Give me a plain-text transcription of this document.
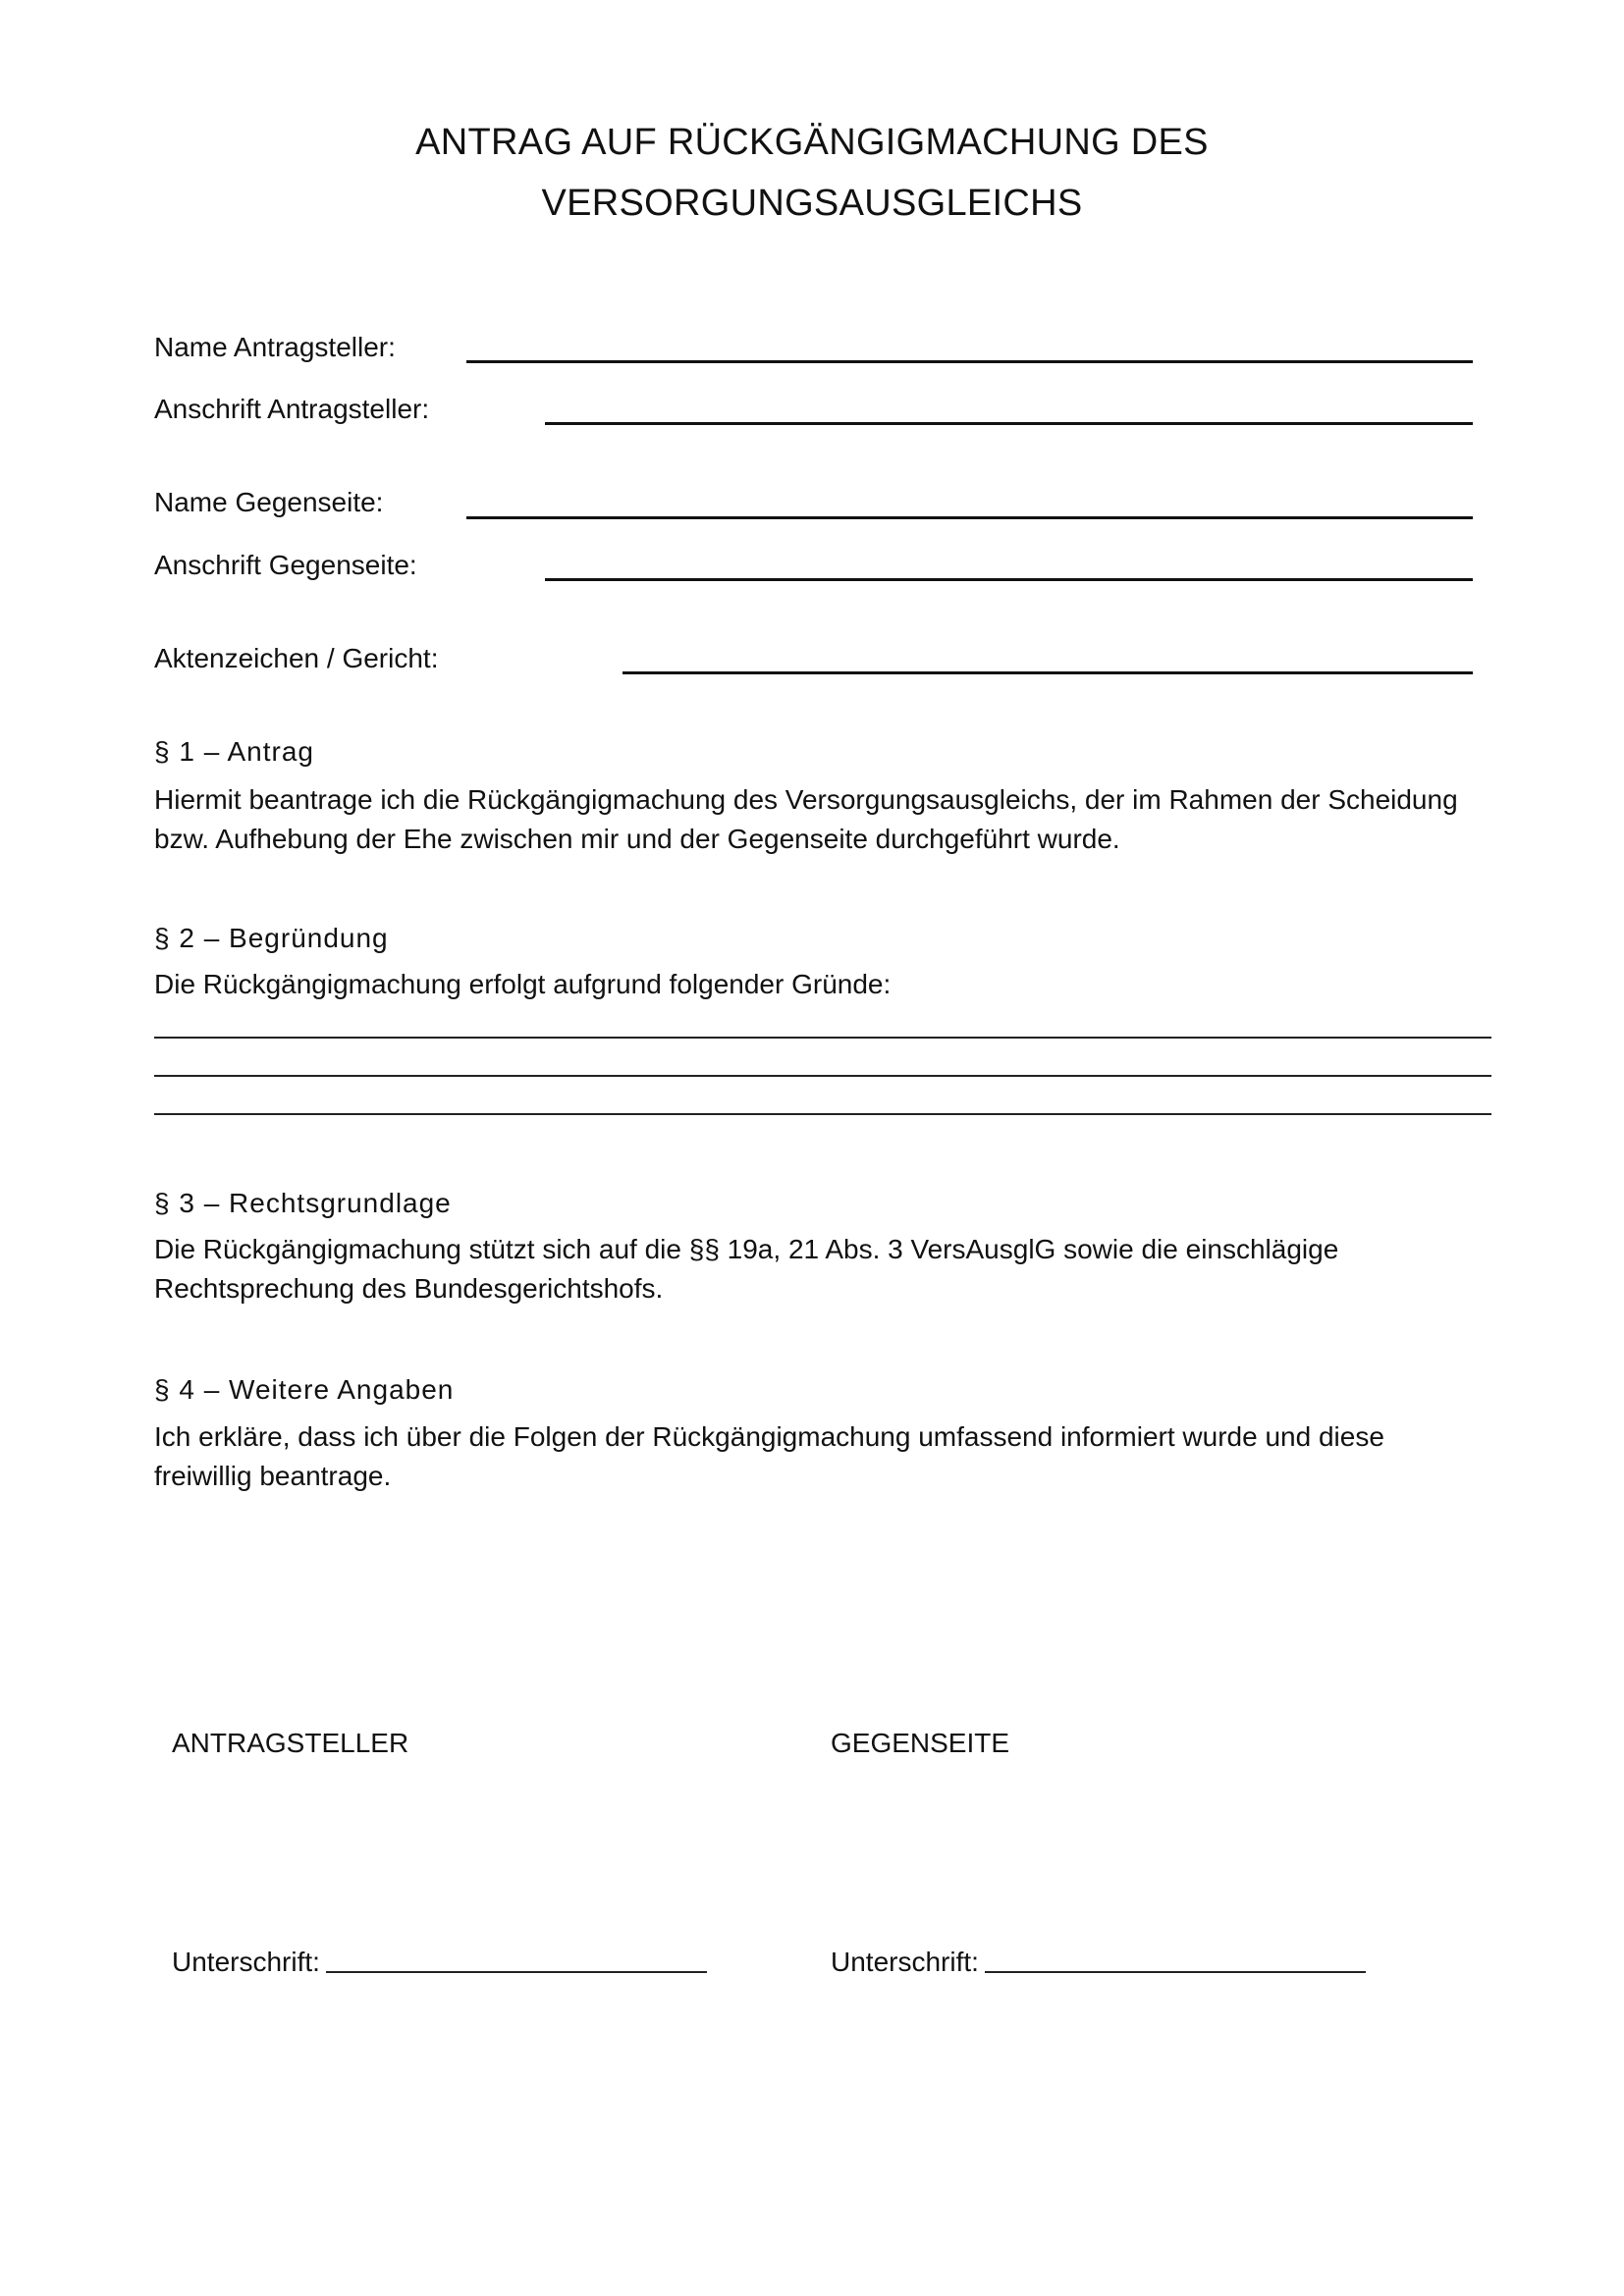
ANTRAG AUF RÜCKGÄNGIGMACHUNG DES
VERSORGUNGSAUSGLEICHS
Name Antragsteller:
Anschrift Antragsteller:
Name Gegenseite:
Anschrift Gegenseite:
Aktenzeichen / Gericht:
§ 1 – Antrag

Hiermit beantrage ich die Rückgängigmachung des Versorgungsausgleichs, der im Rahmen der Scheidung

bzw. Aufhebung der Ehe zwischen mir und der Gegenseite durchgeführt wurde.

§ 2 – Begründung

Die Rückgängigmachung erfolgt aufgrund folgender Gründe:

§ 3 – Rechtsgrundlage

Die Rückgängigmachung stützt sich auf die §§ 19a, 21 Abs. 3 VersAusglG sowie die einschlägige

Rechtsprechung des Bundesgerichtshofs.

§ 4 – Weitere Angaben

Ich erkläre, dass ich über die Folgen der Rückgängigmachung umfassend informiert wurde und diese

freiwillig beantrage.

ANTRAGSTELLER	GEGENSEITE
Unterschrift:	Unterschrift:
